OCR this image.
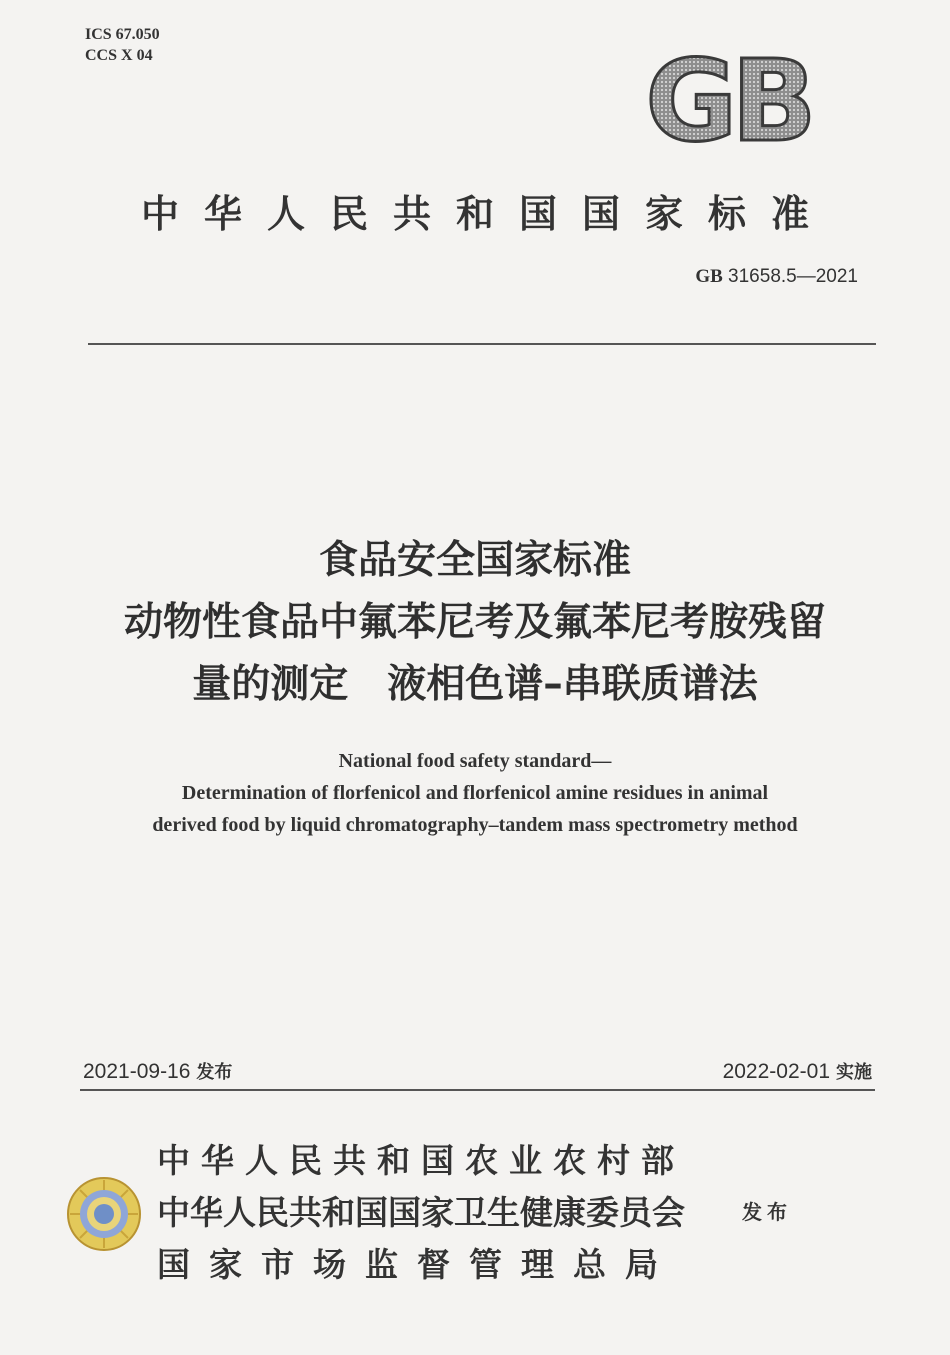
ICS 67.050
CCS X 04	GB
中华人民共和国国家标准
GB 31658.5—2021
食品安全国家标准
动物性食品中氟苯尼考及氟苯尼考胺残留
量的测定　液相色谱–串联质谱法
National food safety standard—
Determination of florfenicol and florfenicol amine residues in animal
derived food by liquid chromatography–tandem mass spectrometry method
2021-09-16 发布	2022-02-01 实施
中华人民共和国农业农村部
中华人民共和国国家卫生健康委员会
国家市场监督管理总局
发布
